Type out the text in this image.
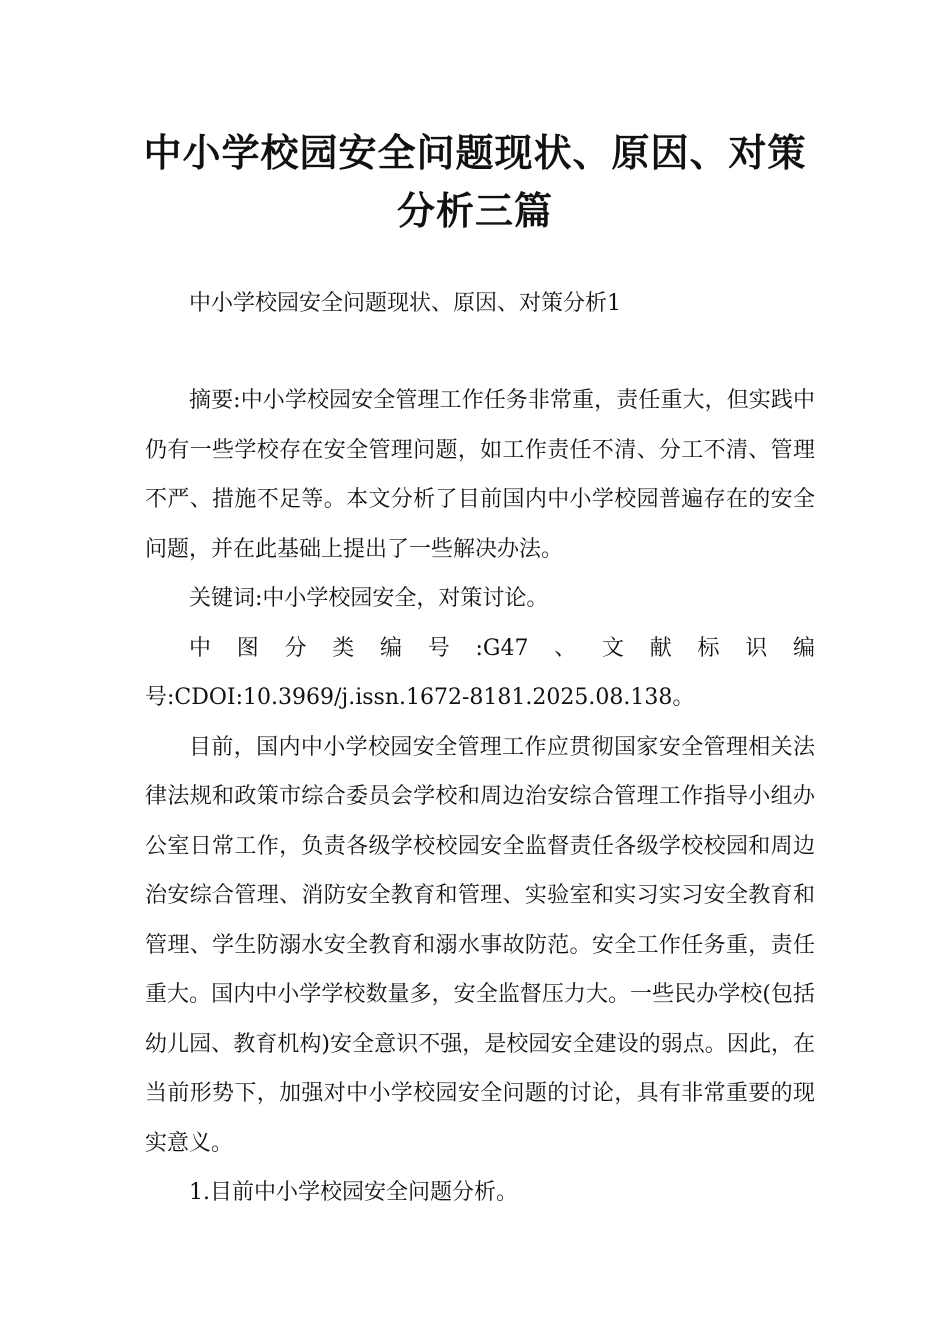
中小学校园安全问题现状、原因、对策
分析三篇

中小学校园安全问题现状、原因、对策分析1

摘要:中小学校园安全管理工作任务非常重，责任重大，但实践中仍有一些学校存在安全管理问题，如工作责任不清、分工不清、管理不严、措施不足等。本文分析了目前国内中小学校园普遍存在的安全问题，并在此基础上提出了一些解决办法。

关键词:中小学校园安全，对策讨论。

中图分类编号:G47、文献标识编号:CDOI:10.3969/j.issn.1672-8181.2025.08.138。

目前，国内中小学校园安全管理工作应贯彻国家安全管理相关法律法规和政策市综合委员会学校和周边治安综合管理工作指导小组办公室日常工作，负责各级学校校园安全监督责任各级学校校园和周边治安综合管理、消防安全教育和管理、实验室和实习实习安全教育和管理、学生防溺水安全教育和溺水事故防范。安全工作任务重，责任重大。国内中小学学校数量多，安全监督压力大。一些民办学校(包括幼儿园、教育机构)安全意识不强，是校园安全建设的弱点。因此，在当前形势下，加强对中小学校园安全问题的讨论，具有非常重要的现实意义。

1.目前中小学校园安全问题分析。
